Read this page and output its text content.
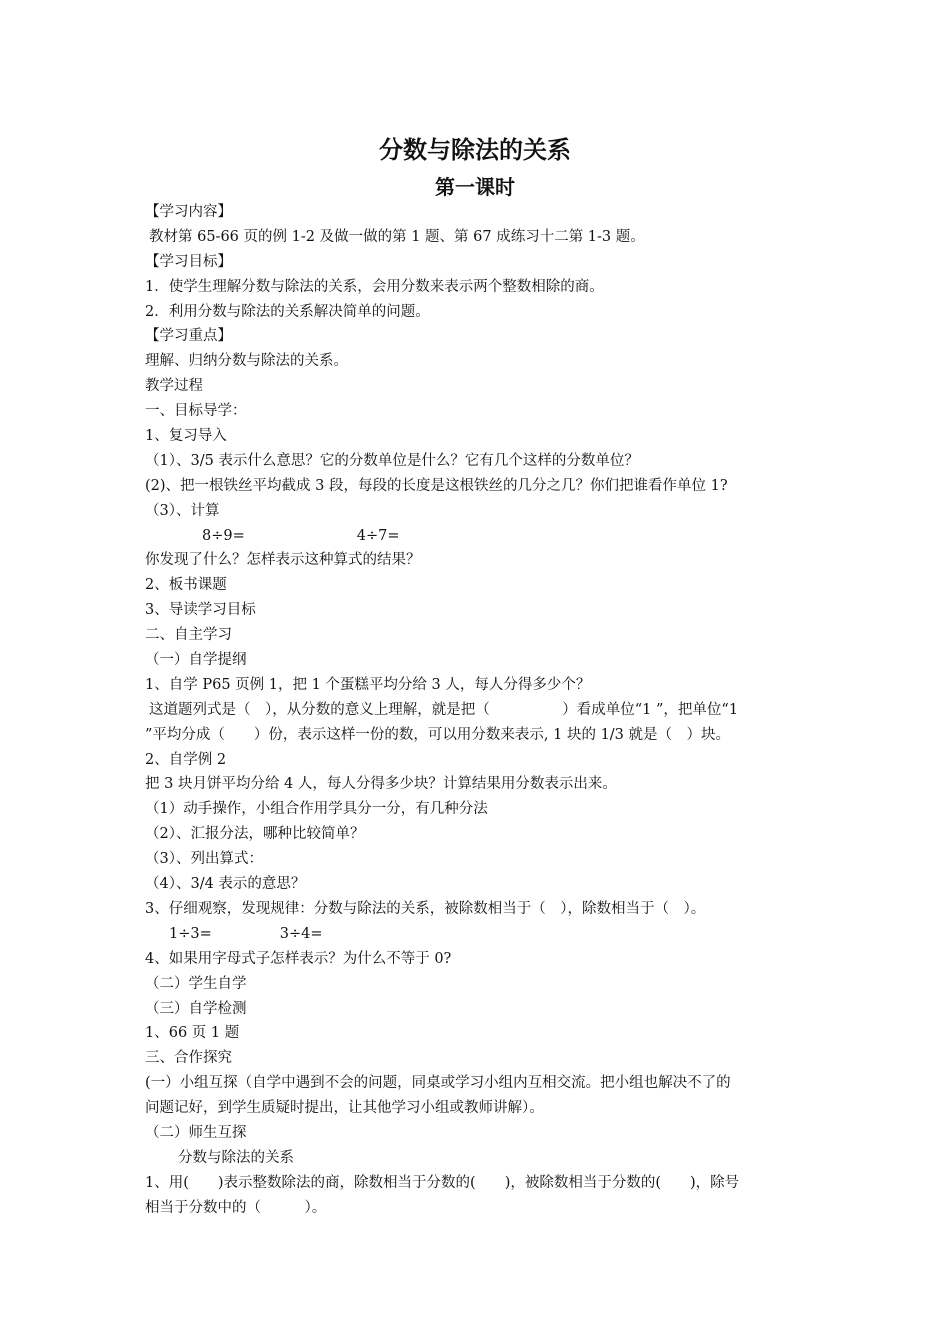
分数与除法的关系
第一课时
【学习内容】
教材第 65-66 页的例 1-2 及做一做的第 1 题、第 67 成练习十二第 1-3 题。
【学习目标】
1．使学生理解分数与除法的关系，会用分数来表示两个整数相除的商。
2．利用分数与除法的关系解决简单的问题。
【学习重点】
理解、归纳分数与除法的关系。
教学过程
一、目标导学：
1、复习导入
（1）、3/5 表示什么意思？它的分数单位是什么？它有几个这样的分数单位？
(2)、把一根铁丝平均截成 3 段，每段的长度是这根铁丝的几分之几？你们把谁看作单位 1?
（3）、计算
8÷9=	4÷7=
你发现了什么？怎样表示这种算式的结果？
2、板书课题
3、导读学习目标
二、自主学习
（一）自学提纲
1、自学 P65 页例 1，把 1 个蛋糕平均分给 3 人，每人分得多少个？
这道题列式是（　），从分数的意义上理解，就是把（　　　　　）看成单位“1 ”，把单位“1
”平均分成（　　）份，表示这样一份的数，可以用分数来表示, 1 块的 1/3 就是（　）块。
2、自学例 2
把 3 块月饼平均分给 4 人，每人分得多少块？计算结果用分数表示出来。
（1）动手操作，小组合作用学具分一分，有几种分法
（2）、汇报分法，哪种比较简单？
（3）、列出算式：
（4）、3/4 表示的意思？
3、仔细观察，发现规律：分数与除法的关系，被除数相当于（　），除数相当于（　）。
1÷3=	3÷4=
4、如果用字母式子怎样表示？为什么不等于 0?
（二）学生自学
（三）自学检测
1、66 页 1 题
三、合作探究
(一）小组互探（自学中遇到不会的问题，同桌或学习小组内互相交流。把小组也解决不了的
问题记好，到学生质疑时提出，让其他学习小组或教师讲解）。
（二）师生互探
分数与除法的关系
1、用(　　)表示整数除法的商，除数相当于分数的(　　)，被除数相当于分数的(　　)，除号
相当于分数中的（　　　）。
